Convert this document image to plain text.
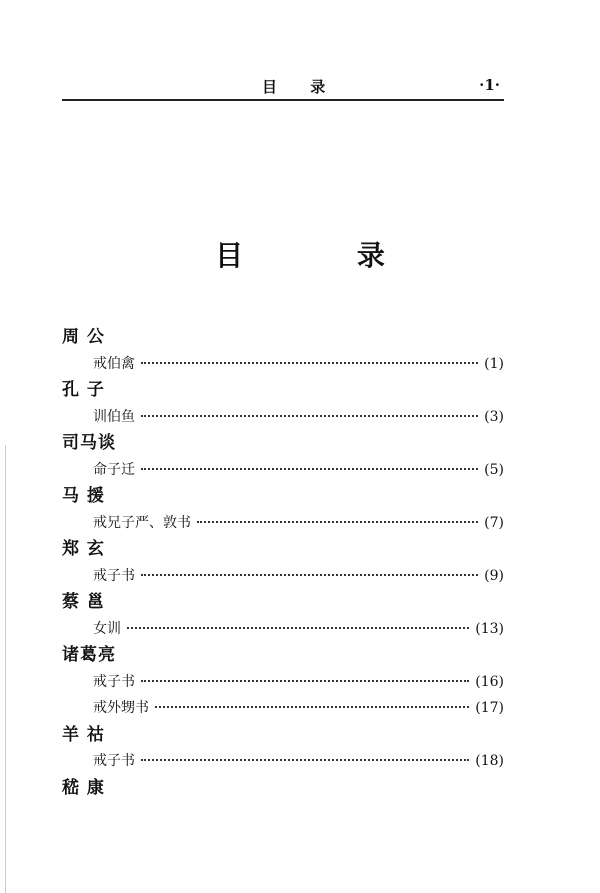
目 录	·1·
目 录
周 公
戒伯禽	(1)
孔 子
训伯鱼	(3)
司马谈
命子迁	(5)
马 援
戒兄子严、敦书	(7)
郑 玄
戒子书	(9)
蔡 邕
女训	(13)
诸葛亮
戒子书	(16)
戒外甥书	(17)
羊 祜
戒子书	(18)
嵇 康
